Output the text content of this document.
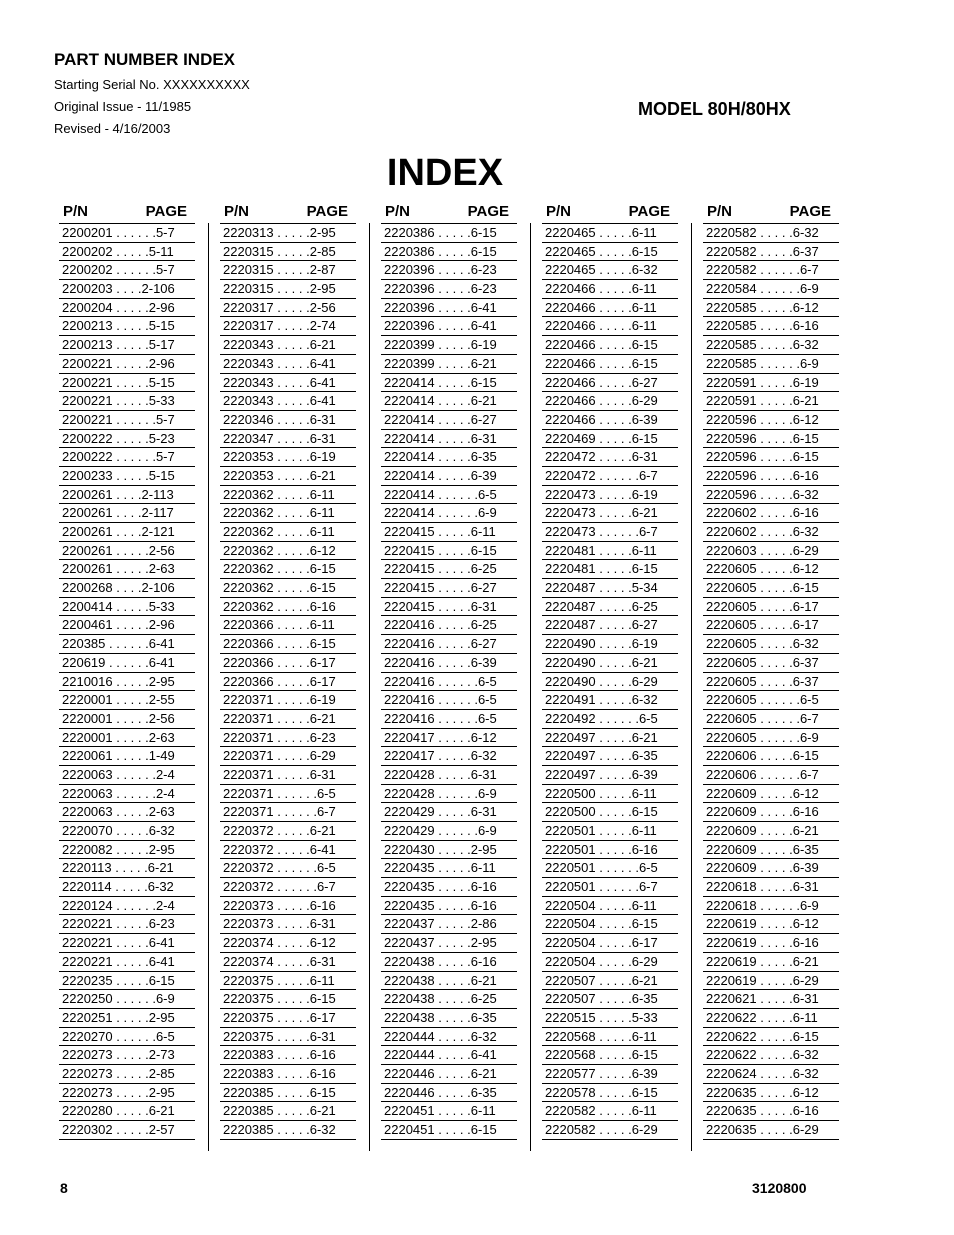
PART NUMBER INDEX
Starting Serial No. XXXXXXXXXX
Original Issue - 11/1985
Revised - 4/16/2003
MODEL 80H/80HX
INDEX
P/N	PAGE
2200201 . . . . . .5-7
2200202 . . . . .5-11
2200202 . . . . . .5-7
2200203 . . . .2-106
2200204 . . . . .2-96
2200213 . . . . .5-15
2200213 . . . . .5-17
2200221 . . . . .2-96
2200221 . . . . .5-15
2200221 . . . . .5-33
2200221 . . . . . .5-7
2200222 . . . . .5-23
2200222 . . . . . .5-7
2200233 . . . . .5-15
2200261 . . . .2-113
2200261 . . . .2-117
2200261 . . . .2-121
2200261 . . . . .2-56
2200261 . . . . .2-63
2200268 . . . .2-106
2200414 . . . . .5-33
2200461 . . . . .2-96
220385 . . . . . .6-41
220619 . . . . . .6-41
2210016 . . . . .2-95
2220001 . . . . .2-55
2220001 . . . . .2-56
2220001 . . . . .2-63
2220061 . . . . .1-49
2220063 . . . . . .2-4
2220063 . . . . . .2-4
2220063 . . . . .2-63
2220070 . . . . .6-32
2220082 . . . . .2-95
2220113 . . . . .6-21
2220114 . . . . .6-32
2220124 . . . . . .2-4
2220221 . . . . .6-23
2220221 . . . . .6-41
2220221 . . . . .6-41
2220235 . . . . .6-15
2220250 . . . . . .6-9
2220251 . . . . .2-95
2220270 . . . . . .6-5
2220273 . . . . .2-73
2220273 . . . . .2-85
2220273 . . . . .2-95
2220280 . . . . .6-21
2220302 . . . . .2-57
P/N	PAGE
2220313 . . . . .2-95
2220315 . . . . .2-85
2220315 . . . . .2-87
2220315 . . . . .2-95
2220317 . . . . .2-56
2220317 . . . . .2-74
2220343 . . . . .6-21
2220343 . . . . .6-41
2220343 . . . . .6-41
2220343 . . . . .6-41
2220346 . . . . .6-31
2220347 . . . . .6-31
2220353 . . . . .6-19
2220353 . . . . .6-21
2220362 . . . . .6-11
2220362 . . . . .6-11
2220362 . . . . .6-11
2220362 . . . . .6-12
2220362 . . . . .6-15
2220362 . . . . .6-15
2220362 . . . . .6-16
2220366 . . . . .6-11
2220366 . . . . .6-15
2220366 . . . . .6-17
2220366 . . . . .6-17
2220371 . . . . .6-19
2220371 . . . . .6-21
2220371 . . . . .6-23
2220371 . . . . .6-29
2220371 . . . . .6-31
2220371 . . . . . .6-5
2220371 . . . . . .6-7
2220372 . . . . .6-21
2220372 . . . . .6-41
2220372 . . . . . .6-5
2220372 . . . . . .6-7
2220373 . . . . .6-16
2220373 . . . . .6-31
2220374 . . . . .6-12
2220374 . . . . .6-31
2220375 . . . . .6-11
2220375 . . . . .6-15
2220375 . . . . .6-17
2220375 . . . . .6-31
2220383 . . . . .6-16
2220383 . . . . .6-16
2220385 . . . . .6-15
2220385 . . . . .6-21
2220385 . . . . .6-32
P/N	PAGE
2220386 . . . . .6-15
2220386 . . . . .6-15
2220396 . . . . .6-23
2220396 . . . . .6-23
2220396 . . . . .6-41
2220396 . . . . .6-41
2220399 . . . . .6-19
2220399 . . . . .6-21
2220414 . . . . .6-15
2220414 . . . . .6-21
2220414 . . . . .6-27
2220414 . . . . .6-31
2220414 . . . . .6-35
2220414 . . . . .6-39
2220414 . . . . . .6-5
2220414 . . . . . .6-9
2220415 . . . . .6-11
2220415 . . . . .6-15
2220415 . . . . .6-25
2220415 . . . . .6-27
2220415 . . . . .6-31
2220416 . . . . .6-25
2220416 . . . . .6-27
2220416 . . . . .6-39
2220416 . . . . . .6-5
2220416 . . . . . .6-5
2220416 . . . . . .6-5
2220417 . . . . .6-12
2220417 . . . . .6-32
2220428 . . . . .6-31
2220428 . . . . . .6-9
2220429 . . . . .6-31
2220429 . . . . . .6-9
2220430 . . . . .2-95
2220435 . . . . .6-11
2220435 . . . . .6-16
2220435 . . . . .6-16
2220437 . . . . .2-86
2220437 . . . . .2-95
2220438 . . . . .6-16
2220438 . . . . .6-21
2220438 . . . . .6-25
2220438 . . . . .6-35
2220444 . . . . .6-32
2220444 . . . . .6-41
2220446 . . . . .6-21
2220446 . . . . .6-35
2220451 . . . . .6-11
2220451 . . . . .6-15
P/N	PAGE
2220465 . . . . .6-11
2220465 . . . . .6-15
2220465 . . . . .6-32
2220466 . . . . .6-11
2220466 . . . . .6-11
2220466 . . . . .6-11
2220466 . . . . .6-15
2220466 . . . . .6-15
2220466 . . . . .6-27
2220466 . . . . .6-29
2220466 . . . . .6-39
2220469 . . . . .6-15
2220472 . . . . .6-31
2220472 . . . . . .6-7
2220473 . . . . .6-19
2220473 . . . . .6-21
2220473 . . . . . .6-7
2220481 . . . . .6-11
2220481 . . . . .6-15
2220487 . . . . .5-34
2220487 . . . . .6-25
2220487 . . . . .6-27
2220490 . . . . .6-19
2220490 . . . . .6-21
2220490 . . . . .6-29
2220491 . . . . .6-32
2220492 . . . . . .6-5
2220497 . . . . .6-21
2220497 . . . . .6-35
2220497 . . . . .6-39
2220500 . . . . .6-11
2220500 . . . . .6-15
2220501 . . . . .6-11
2220501 . . . . .6-16
2220501 . . . . . .6-5
2220501 . . . . . .6-7
2220504 . . . . .6-11
2220504 . . . . .6-15
2220504 . . . . .6-17
2220504 . . . . .6-29
2220507 . . . . .6-21
2220507 . . . . .6-35
2220515 . . . . .5-33
2220568 . . . . .6-11
2220568 . . . . .6-15
2220577 . . . . .6-39
2220578 . . . . .6-15
2220582 . . . . .6-11
2220582 . . . . .6-29
P/N	PAGE
2220582 . . . . .6-32
2220582 . . . . .6-37
2220582 . . . . . .6-7
2220584 . . . . . .6-9
2220585 . . . . .6-12
2220585 . . . . .6-16
2220585 . . . . .6-32
2220585 . . . . . .6-9
2220591 . . . . .6-19
2220591 . . . . .6-21
2220596 . . . . .6-12
2220596 . . . . .6-15
2220596 . . . . .6-15
2220596 . . . . .6-16
2220596 . . . . .6-32
2220602 . . . . .6-16
2220602 . . . . .6-32
2220603 . . . . .6-29
2220605 . . . . .6-12
2220605 . . . . .6-15
2220605 . . . . .6-17
2220605 . . . . .6-17
2220605 . . . . .6-32
2220605 . . . . .6-37
2220605 . . . . .6-37
2220605 . . . . . .6-5
2220605 . . . . . .6-7
2220605 . . . . . .6-9
2220606 . . . . .6-15
2220606 . . . . . .6-7
2220609 . . . . .6-12
2220609 . . . . .6-16
2220609 . . . . .6-21
2220609 . . . . .6-35
2220609 . . . . .6-39
2220618 . . . . .6-31
2220618 . . . . . .6-9
2220619 . . . . .6-12
2220619 . . . . .6-16
2220619 . . . . .6-21
2220619 . . . . .6-29
2220621 . . . . .6-31
2220622 . . . . .6-11
2220622 . . . . .6-15
2220622 . . . . .6-32
2220624 . . . . .6-32
2220635 . . . . .6-12
2220635 . . . . .6-16
2220635 . . . . .6-29
8	3120800
